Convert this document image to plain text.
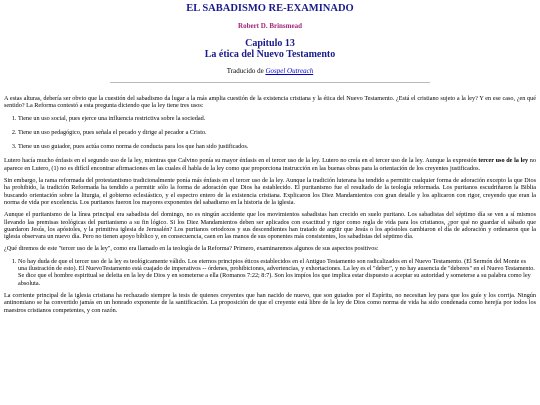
EL SABADISMO RE-EXAMINADO
Robert D. Brinsmead
Capitulo 13
La ética del Nuevo Testamento
Traducido de Gospel Outreach

A estas alturas, debería ser obvio que la cuestión del sabadismo da lugar a la más amplia cuestión de la existencia cristiana y la ética del Nuevo Testamento. ¿Está el cristiano sujeto a la ley? Y en ese caso, ¿en qué sentido? La Reforma contestó a esta pregunta diciendo que la ley tiene tres usos:

1. Tiene un uso social, pues ejerce una influencia restrictiva sobre la sociedad.
2. Tiene un uso pedagógico, pues señala el pecado y dirige al pecador a Cristo.
3. Tiene un uso guiador, pues actúa como norma de conducta para los que han sido justificados.

Lutero hacía mucho énfasis en el segundo uso de la ley, mientras que Calvino ponía su mayor énfasis en el tercer uso de la ley. Lutero no creía en el tercer uso de la ley. Aunque la expresión tercer uso de la ley no aparece en Lutero, (1) no es difícil encontrar afirmaciones en las cuales él habla de la ley como que proporciona instrucción en las buenas obras para la orientación de los creyentes justificados.

Sin embargo, la rama reformada del protestantismo tradicionalmente ponía más énfasis en el tercer uso de la ley. Aunque la tradición luterana ha tendido a permitir cualquier forma de adoración excepto la que Dios ha prohibido, la tradición Reformada ha tendido a permitir sólo la forma de adoración que Dios ha establecido. El puritanismo fue el resultado de la teología reformada. Los puritanos escudriñaron la Biblia buscando orientación sobre la liturgia, el gobierno eclesiástico, y el espectro entero de la existencia cristiana. Explicaron los Diez Mandamientos con gran detalle y los aplicaron con rigor, creyendo que eran la norma de vida por excelencia. Los puritanos fueron los mayores exponentes del sabadismo en la historia de la iglesia.

Aunque el puritanismo de la línea principal era sabadista del domingo, no es ningún accidente que los movimientos sabadistas han crecido en suelo puritano. Los sabadistas del séptimo día se ven a sí mismos llevando las premisas teológicas del puritanismo a su fin lógico. Si los Diez Mandamientos deben ser aplicados con exactitud y rigor como regla de vida para los cristianos, ¿por qué no guardar el sábado que guardaron Jesús, los apóstoles, y la primitiva iglesia de Jerusalén? Los puritanos ortodoxos y sus descendientes han tratado de argüir que Jesús o los apóstoles cambiaron el día de adoración y ordenaron que la iglesia observara un nuevo día. Pero no tienen apoyo bíblico y, en consecuencia, caen en las manos de sus oponentes más consistentes, los sabadistas del séptimo día.

¿Qué diremos de este "tercer uso de la ley", como era llamado en la teología de la Reforma? Primero, examinaremos algunos de sus aspectos positivos:

1. No hay duda de que el tercer uso de la ley es teológicamente válido. Los eternos principios éticos establecidos en el Antiguo Testamento son radicalizados en el Nuevo Testamento. (El Sermón del Monte es una ilustración de esto). El NuevoTestamento está cuajado de imperativos -- órdenes, prohibiciones, advertencias, y exhortaciones. La ley es el "deber", y no hay ausencia de "deberes" en el Nuevo Testamento. Se dice que el hombre espiritual se deleita en la ley de Dios y en someterse a ella (Romanos 7:22; 8:7). Son los impíos los que implica estar dispuesto a aceptar su autoridad y someterse a su palabra como ley absoluta.

La corriente principal de la iglesia cristiana ha rechazado siempre la tesis de quienes creyentes que han nacido de nuevo, que son guiados por el Espíritu, no necesitan ley para que los guíe y los corrija. Ningún antinomiano se ha convertido jamás en un honrado exponente de la santificación. La proposición de que el creyente está libre de la ley de Dios como norma de vida ha sido condenada como herejía por todos los maestros cristianos competentes, y con razón.
